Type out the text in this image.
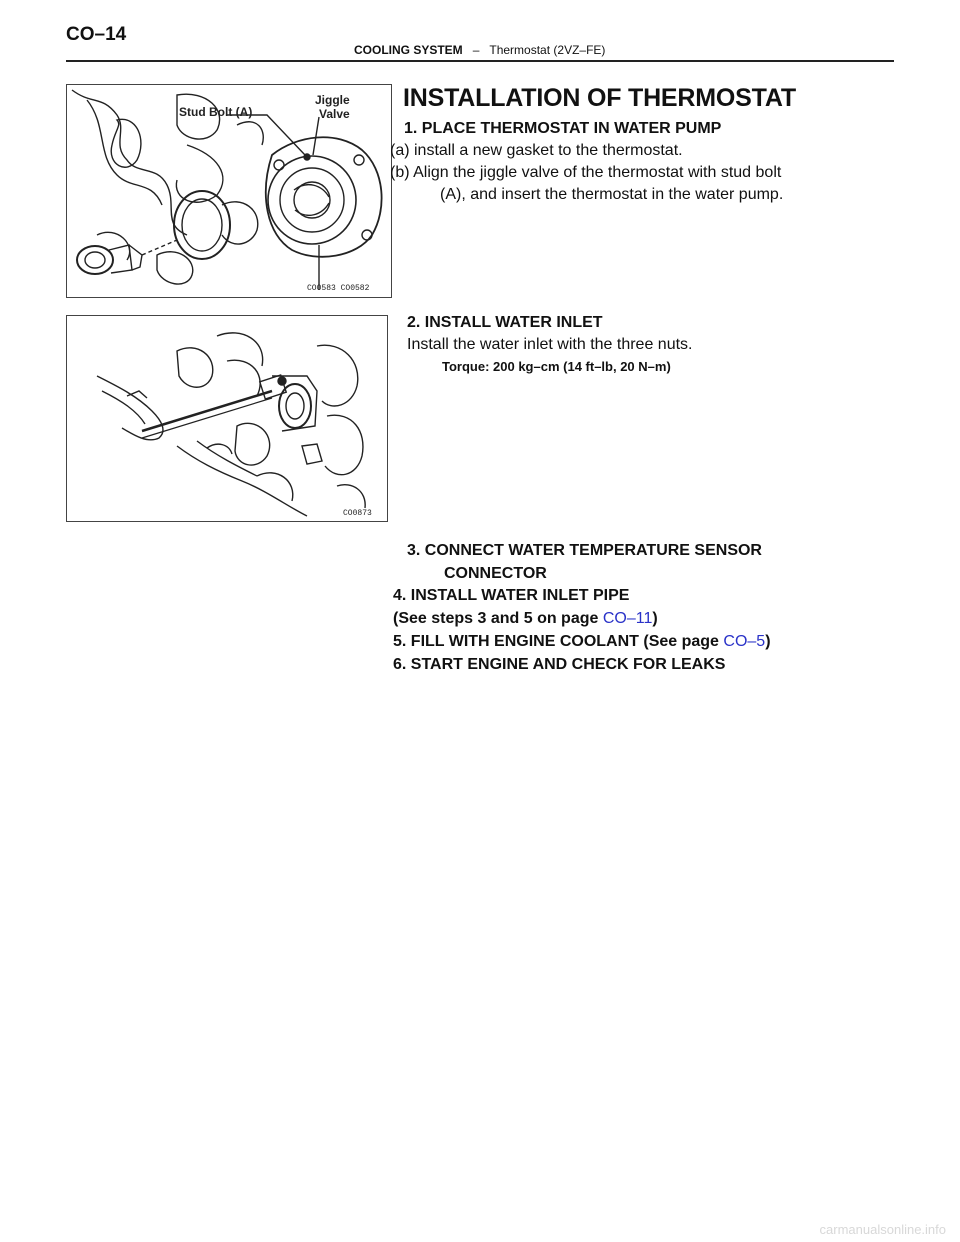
CO–14
COOLING SYSTEM – Thermostat (2VZ–FE)
Stud Bolt (A)
Jiggle
Valve
CO0583 CO0582
CO0873
INSTALLATION OF THERMOSTAT
1. PLACE THERMOSTAT IN WATER PUMP
(a) install a new gasket to the thermostat.
(b) Align the jiggle valve of the thermostat with stud bolt
(A), and insert the thermostat in the water pump.
2. INSTALL WATER INLET
Install the water inlet with the three nuts.
Torque: 200 kg–cm (14 ft–lb, 20 N–m)
3. CONNECT WATER TEMPERATURE SENSOR
CONNECTOR
4. INSTALL WATER INLET PIPE
(See steps 3 and 5 on page CO–11)
5. FILL WITH ENGINE COOLANT (See page CO–5)
6. START ENGINE AND CHECK FOR LEAKS
carmanualsonline.info
